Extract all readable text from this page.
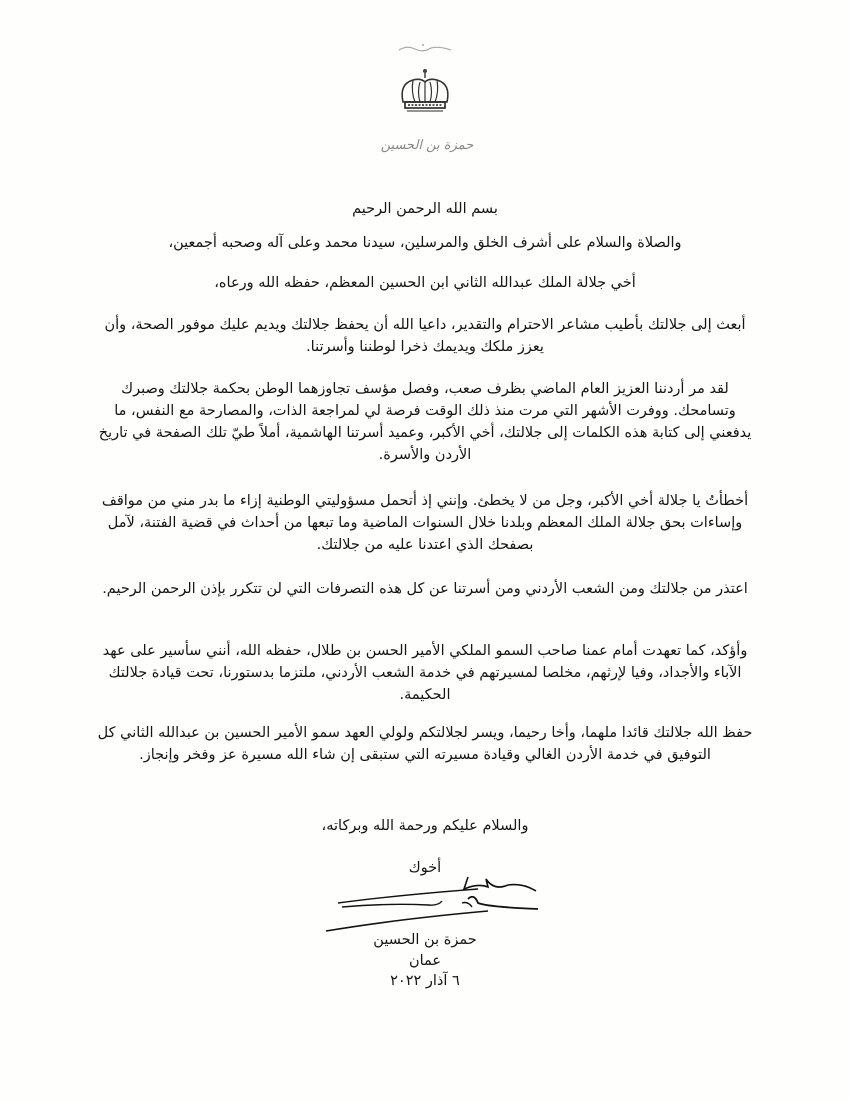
حمزة بن الحسين

بسم الله الرحمن الرحيم

والصلاة والسلام على أشرف الخلق والمرسلين، سيدنا محمد وعلى آله وصحبه أجمعين،

أخي جلالة الملك عبدالله الثاني ابن الحسين المعظم، حفظه الله ورعاه،

أبعث إلى جلالتك بأطيب مشاعر الاحترام والتقدير، داعيا الله أن يحفظ جلالتك ويديم عليك موفور الصحة، وأن يعزز ملكك ويديمك ذخرا لوطننا وأسرتنا.

لقد مر أردننا العزيز العام الماضي بظرف صعب، وفصل مؤسف تجاوزهما الوطن بحكمة جلالتك وصبرك وتسامحك. ووفرت الأشهر التي مرت منذ ذلك الوقت فرصة لي لمراجعة الذات، والمصارحة مع النفس، ما يدفعني إلى كتابة هذه الكلمات إلى جلالتك، أخي الأكبر، وعميد أسرتنا الهاشمية، أملاً طيّ تلك الصفحة في تاريخ الأردن والأسرة.

أخطأتُ يا جلالة أخي الأكبر، وجل من لا يخطئ. وإنني إذ أتحمل مسؤوليتي الوطنية إزاء ما بدر مني من مواقف وإساءات بحق جلالة الملك المعظم وبلدنا خلال السنوات الماضية وما تبعها من أحداث في قضية الفتنة، لآمل بصفحك الذي اعتدنا عليه من جلالتك.

اعتذر من جلالتك ومن الشعب الأردني ومن أسرتنا عن كل هذه التصرفات التي لن تتكرر بإذن الرحمن الرحيم.

وأؤكد، كما تعهدت أمام عمنا صاحب السمو الملكي الأمير الحسن بن طلال، حفظه الله، أنني سأسير على عهد الآباء والأجداد، وفيا لإرثهم، مخلصا لمسيرتهم في خدمة الشعب الأردني، ملتزما بدستورنا، تحت قيادة جلالتك الحكيمة.

حفظ الله جلالتك قائدا ملهما، وأخا رحيما، ويسر لجلالتكم ولولي العهد سمو الأمير الحسين بن عبدالله الثاني كل التوفيق في خدمة الأردن الغالي وقيادة مسيرته التي ستبقى إن شاء الله مسيرة عز وفخر وإنجاز.

والسلام عليكم ورحمة الله وبركاته،

أخوك

حمزة بن الحسين

عمان

٦ آذار ٢٠٢٢
